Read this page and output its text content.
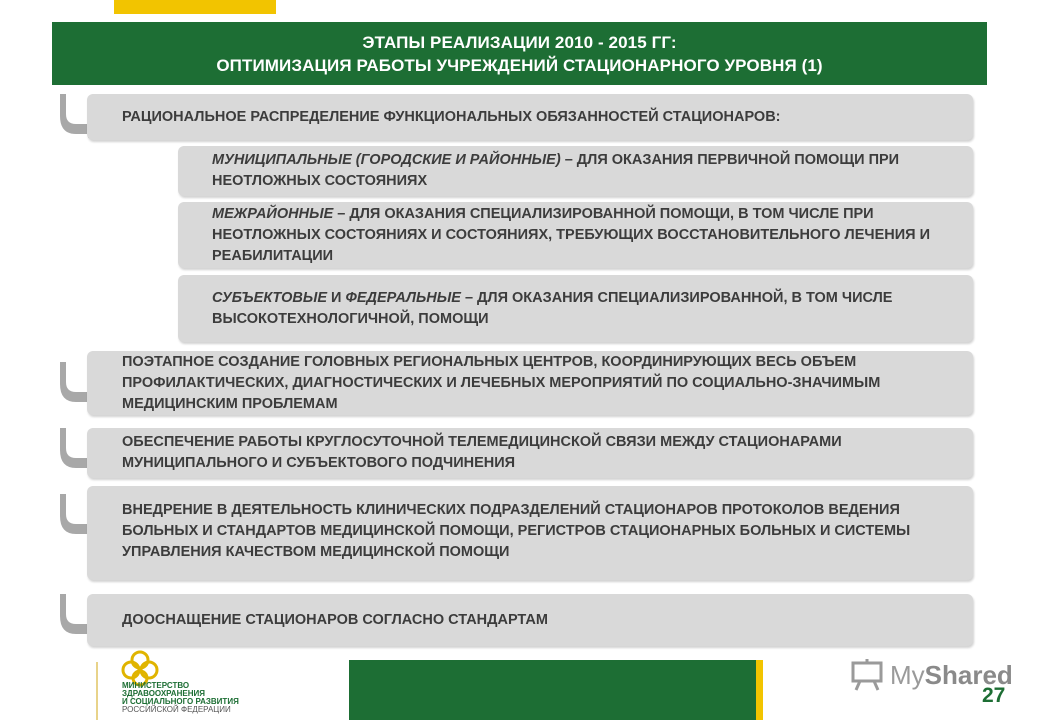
ЭТАПЫ РЕАЛИЗАЦИИ 2010 - 2015 ГГ:
ОПТИМИЗАЦИЯ РАБОТЫ УЧРЕЖДЕНИЙ СТАЦИОНАРНОГО УРОВНЯ (1)
РАЦИОНАЛЬНОЕ РАСПРЕДЕЛЕНИЕ ФУНКЦИОНАЛЬНЫХ ОБЯЗАННОСТЕЙ СТАЦИОНАРОВ:
МУНИЦИПАЛЬНЫЕ (ГОРОДСКИЕ И РАЙОННЫЕ) – ДЛЯ ОКАЗАНИЯ ПЕРВИЧНОЙ ПОМОЩИ ПРИ НЕОТЛОЖНЫХ СОСТОЯНИЯХ
МЕЖРАЙОННЫЕ – ДЛЯ ОКАЗАНИЯ СПЕЦИАЛИЗИРОВАННОЙ ПОМОЩИ, В ТОМ ЧИСЛЕ ПРИ НЕОТЛОЖНЫХ СОСТОЯНИЯХ И СОСТОЯНИЯХ, ТРЕБУЮЩИХ ВОССТАНОВИТЕЛЬНОГО ЛЕЧЕНИЯ И РЕАБИЛИТАЦИИ
СУБЪЕКТОВЫЕ И ФЕДЕРАЛЬНЫЕ – ДЛЯ ОКАЗАНИЯ СПЕЦИАЛИЗИРОВАННОЙ, В ТОМ ЧИСЛЕ ВЫСОКОТЕХНОЛОГИЧНОЙ, ПОМОЩИ
ПОЭТАПНОЕ СОЗДАНИЕ ГОЛОВНЫХ РЕГИОНАЛЬНЫХ ЦЕНТРОВ, КООРДИНИРУЮЩИХ ВЕСЬ ОБЪЕМ ПРОФИЛАКТИЧЕСКИХ, ДИАГНОСТИЧЕСКИХ И ЛЕЧЕБНЫХ МЕРОПРИЯТИЙ ПО СОЦИАЛЬНО-ЗНАЧИМЫМ МЕДИЦИНСКИМ ПРОБЛЕМАМ
ОБЕСПЕЧЕНИЕ РАБОТЫ КРУГЛОСУТОЧНОЙ ТЕЛЕМЕДИЦИНСКОЙ СВЯЗИ МЕЖДУ СТАЦИОНАРАМИ МУНИЦИПАЛЬНОГО И СУБЪЕКТОВОГО ПОДЧИНЕНИЯ
ВНЕДРЕНИЕ В ДЕЯТЕЛЬНОСТЬ КЛИНИЧЕСКИХ ПОДРАЗДЕЛЕНИЙ СТАЦИОНАРОВ ПРОТОКОЛОВ ВЕДЕНИЯ БОЛЬНЫХ И СТАНДАРТОВ МЕДИЦИНСКОЙ ПОМОЩИ, РЕГИСТРОВ СТАЦИОНАРНЫХ БОЛЬНЫХ И СИСТЕМЫ УПРАВЛЕНИЯ КАЧЕСТВОМ МЕДИЦИНСКОЙ ПОМОЩИ
ДООСНАЩЕНИЕ СТАЦИОНАРОВ СОГЛАСНО СТАНДАРТАМ
МИНИСТЕРСТВО
ЗДРАВООХРАНЕНИЯ
И СОЦИАЛЬНОГО РАЗВИТИЯ
РОССИЙСКОЙ ФЕДЕРАЦИИ
MyShared
27
